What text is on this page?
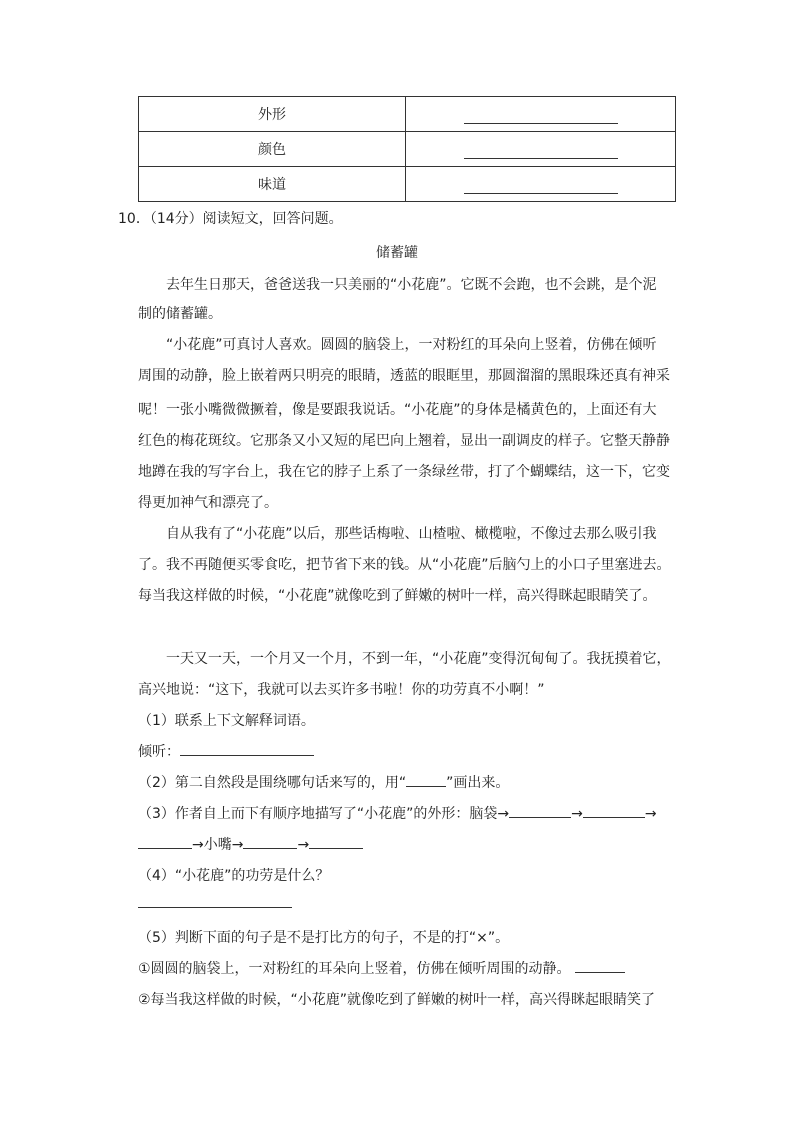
外形	
颜色	
味道	
10．（14分）阅读短文，回答问题。
储蓄罐
去年生日那天，爸爸送我一只美丽的“小花鹿”。它既不会跑，也不会跳，是个泥
制的储蓄罐。
“小花鹿”可真讨人喜欢。圆圆的脑袋上，一对粉红的耳朵向上竖着，仿佛在倾听
周围的动静，脸上嵌着两只明亮的眼睛，透蓝的眼眶里，那圆溜溜的黑眼珠还真有神采
呢！一张小嘴微微撅着，像是要跟我说话。“小花鹿”的身体是橘黄色的，上面还有大
红色的梅花斑纹。它那条又小又短的尾巴向上翘着，显出一副调皮的样子。它整天静静
地蹲在我的写字台上，我在它的脖子上系了一条绿丝带，打了个蝴蝶结，这一下，它变
得更加神气和漂亮了。
自从我有了“小花鹿”以后，那些话梅啦、山楂啦、橄榄啦，不像过去那么吸引我
了。我不再随便买零食吃，把节省下来的钱。从“小花鹿”后脑勺上的小口子里塞进去。
每当我这样做的时候，“小花鹿”就像吃到了鲜嫩的树叶一样，高兴得眯起眼睛笑了。
一天又一天，一个月又一个月，不到一年，“小花鹿”变得沉甸甸了。我抚摸着它，
高兴地说：“这下，我就可以去买许多书啦！你的功劳真不小啊！”
（1）联系上下文解释词语。
倾听：
（2）第二自然段是围绕哪句话来写的，用“	”画出来。
（3）作者自上而下有顺序地描写了“小花鹿”的外形：脑袋→	→	→
→小嘴→	→
（4）“小花鹿”的功劳是什么？
（5）判断下面的句子是不是打比方的句子，不是的打“×”。
①圆圆的脑袋上，一对粉红的耳朵向上竖着，仿佛在倾听周围的动静。
②每当我这样做的时候，“小花鹿”就像吃到了鲜嫩的树叶一样，高兴得眯起眼睛笑了
